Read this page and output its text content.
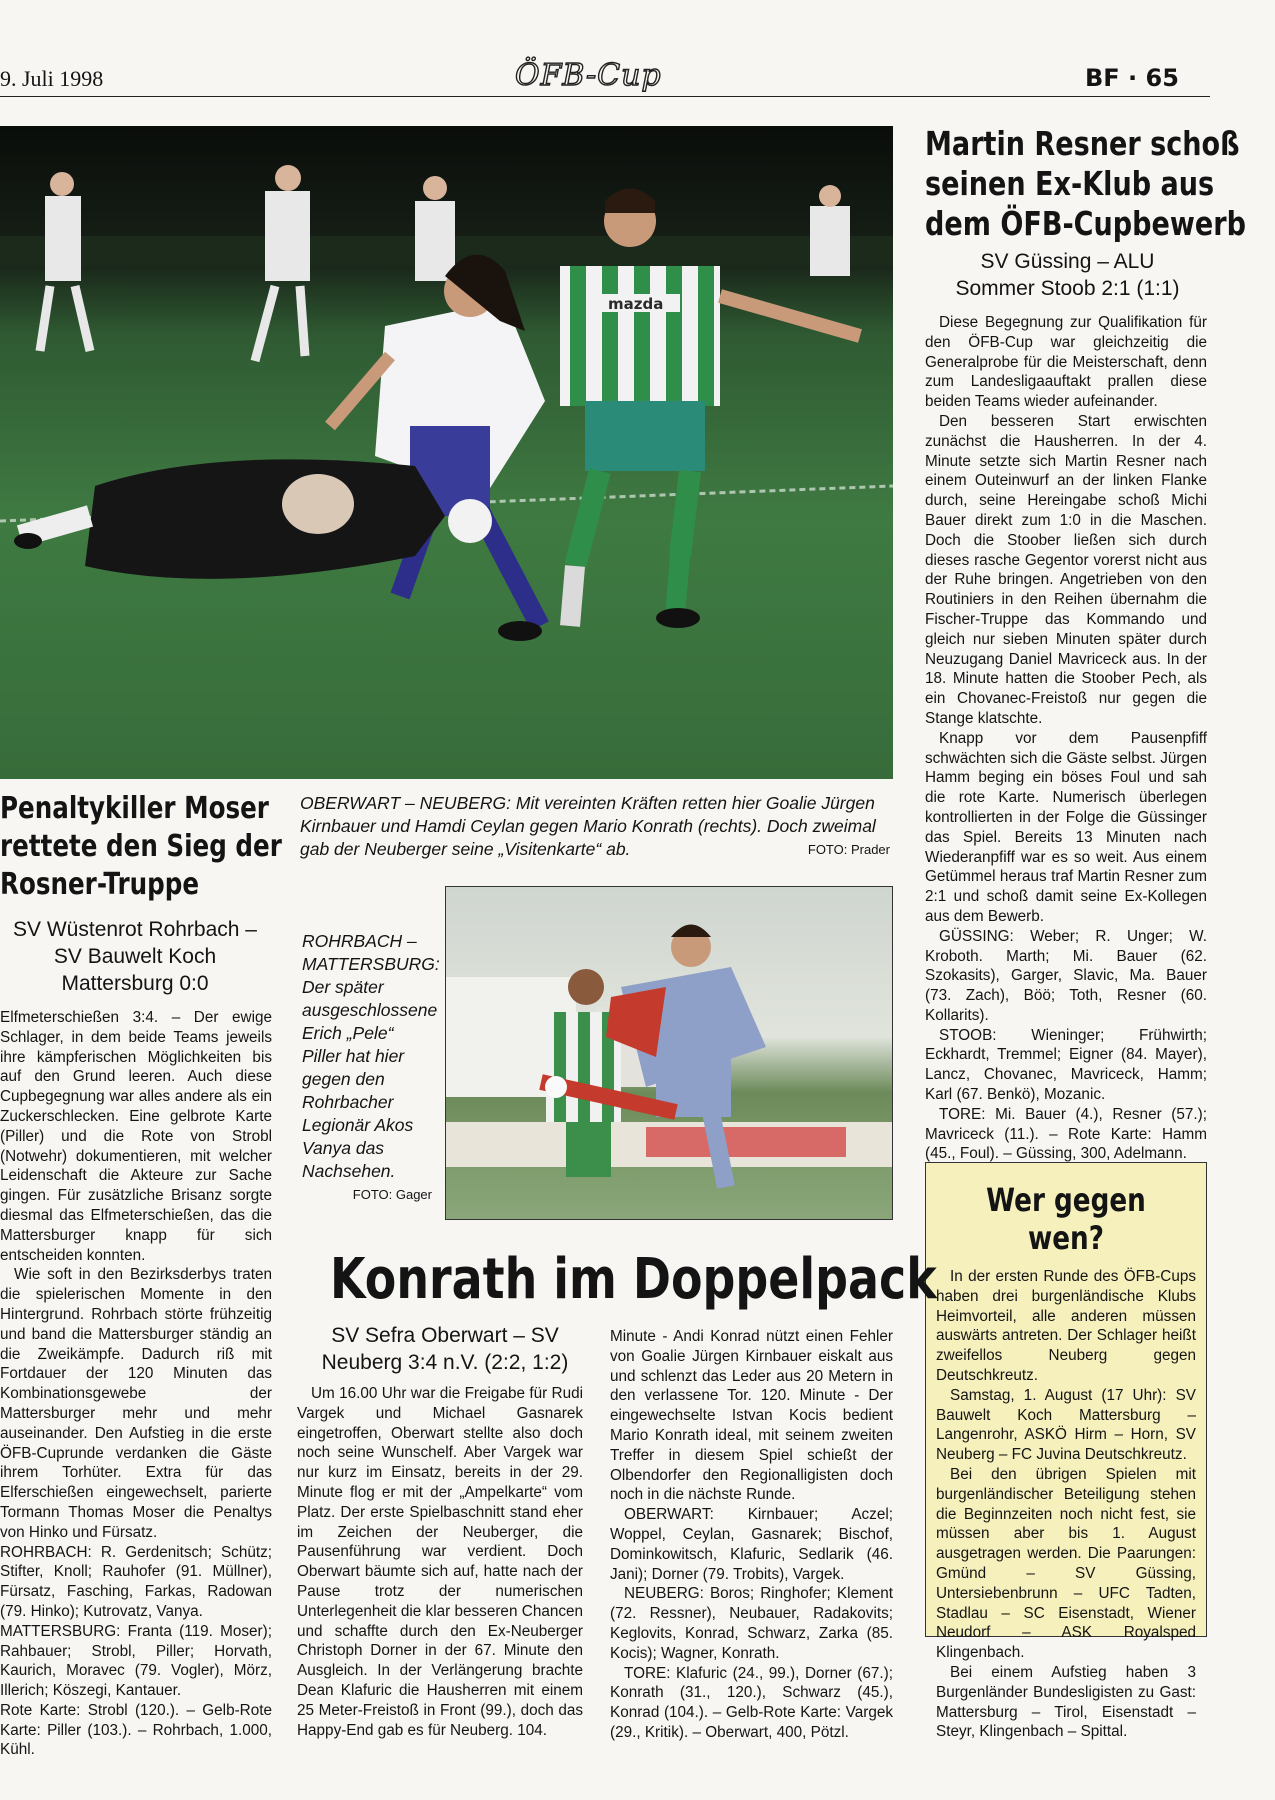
9. Juli 1998	ÖFB-Cup	BF · 65
mazda
Martin Resner schoß
seinen Ex-Klub aus
dem ÖFB-Cupbewerb
SV Güssing – ALU
Sommer Stoob 2:1 (1:1)

Diese Begegnung zur Qualifikation für den ÖFB-Cup war gleichzeitig die Generalprobe für die Meisterschaft, denn zum Landesligaauftakt prallen diese beiden Teams wieder aufeinander.

Den besseren Start erwischten zunächst die Hausherren. In der 4. Minute setzte sich Martin Resner nach einem Outeinwurf an der linken Flanke durch, seine Hereingabe schoß Michi Bauer direkt zum 1:0 in die Maschen. Doch die Stoober ließen sich durch dieses rasche Gegentor vorerst nicht aus der Ruhe bringen. Angetrieben von den Routiniers in den Reihen übernahm die Fischer-Truppe das Kommando und gleich nur sieben Minuten später durch Neuzugang Daniel Mavriceck aus. In der 18. Minute hatten die Stoober Pech, als ein Chovanec-Freistoß nur gegen die Stange klatschte.

Knapp vor dem Pausenpfiff schwächten sich die Gäste selbst. Jürgen Hamm beging ein böses Foul und sah die rote Karte. Numerisch überlegen kontrollierten in der Folge die Güssinger das Spiel. Bereits 13 Minuten nach Wiederanpfiff war es so weit. Aus einem Getümmel heraus traf Martin Resner zum 2:1 und schoß damit seine Ex-Kollegen aus dem Bewerb.

GÜSSING: Weber; R. Unger; W. Kroboth. Marth; Mi. Bauer (62. Szokasits), Garger, Slavic, Ma. Bauer (73. Zach), Böö; Toth, Resner (60. Kollarits).

STOOB: Wieninger; Frühwirth; Eckhardt, Tremmel; Eigner (84. Mayer), Lancz, Chovanec, Mavriceck, Hamm; Karl (67. Benkö), Mozanic.

TORE: Mi. Bauer (4.), Resner (57.); Mavriceck (11.). – Rote Karte: Hamm (45., Foul). – Güssing, 300, Adelmann.

Wer gegen wen?

In der ersten Runde des ÖFB-Cups haben drei burgenländische Klubs Heimvorteil, alle anderen müssen auswärts antreten. Der Schlager heißt zweifellos Neuberg gegen Deutschkreutz.

Samstag, 1. August (17 Uhr): SV Bauwelt Koch Mattersburg – Langenrohr, ASKÖ Hirm – Horn, SV Neuberg – FC Juvina Deutschkreutz.

Bei den übrigen Spielen mit burgenländischer Beteiligung stehen die Beginnzeiten noch nicht fest, sie müssen aber bis 1. August ausgetragen werden. Die Paarungen: Gmünd – SV Güssing, Untersiebenbrunn – UFC Tadten, Stadlau – SC Eisenstadt, Wiener Neudorf – ASK Royalsped Klingenbach.

Bei einem Aufstieg haben 3 Burgenländer Bundesligisten zu Gast: Mattersburg – Tirol, Eisenstadt – Steyr, Klingenbach – Spittal.

OBERWART – NEUBERG: Mit vereinten Kräften retten hier Goalie Jürgen Kirnbauer und Hamdi Ceylan gegen Mario Konrath (rechts). Doch zweimal gab der Neuberger seine „Visitenkarte“ ab.	FOTO: Prader
Penaltykiller Moser
rettete den Sieg der
Rosner-Truppe
SV Wüstenrot Rohrbach –
SV Bauwelt Koch
Mattersburg 0:0

Elfmeterschießen 3:4. – Der ewige Schlager, in dem beide Teams jeweils ihre kämpferischen Möglichkeiten bis auf den Grund leeren. Auch diese Cupbegegnung war alles andere als ein Zuckerschlecken. Eine gelbrote Karte (Piller) und die Rote von Strobl (Notwehr) dokumentieren, mit welcher Leidenschaft die Akteure zur Sache gingen. Für zusätzliche Brisanz sorgte diesmal das Elfmeterschießen, das die Mattersburger knapp für sich entscheiden konnten.

Wie soft in den Bezirksderbys traten die spielerischen Momente in den Hintergrund. Rohrbach störte frühzeitig und band die Mattersburger ständig an die Zweikämpfe. Dadurch riß mit Fortdauer der 120 Minuten das Kombinationsgewebe der Mattersburger mehr und mehr auseinander. Den Aufstieg in die erste ÖFB-Cuprunde verdanken die Gäste ihrem Torhüter. Extra für das Elferschießen eingewechselt, parierte Tormann Thomas Moser die Penaltys von Hinko und Fürsatz.

ROHRBACH: R. Gerdenitsch; Schütz; Stifter, Knoll; Rauhofer (91. Müllner), Fürsatz, Fasching, Farkas, Radowan (79. Hinko); Kutrovatz, Vanya.

MATTERSBURG: Franta (119. Moser); Rahbauer; Strobl, Piller; Horvath, Kaurich, Moravec (79. Vogler), Mörz, Illerich; Köszegi, Kantauer.

Rote Karte: Strobl (120.). – Gelb-Rote Karte: Piller (103.). – Rohrbach, 1.000, Kühl.

ROHRBACH – MATTERSBURG: Der später ausgeschlossene Erich „Pele“ Piller hat hier gegen den Rohrbacher Legionär Akos Vanya das Nachsehen.
FOTO: Gager
Konrath im Doppelpack
SV Sefra Oberwart – SV
Neuberg 3:4 n.V. (2:2, 1:2)

Um 16.00 Uhr war die Freigabe für Rudi Vargek und Michael Gasnarek eingetroffen, Oberwart stellte also doch noch seine Wunschelf. Aber Vargek war nur kurz im Einsatz, bereits in der 29. Minute flog er mit der „Ampelkarte“ vom Platz. Der erste Spielbaschnitt stand eher im Zeichen der Neuberger, die Pausenführung war verdient. Doch Oberwart bäumte sich auf, hatte nach der Pause trotz der numerischen Unterlegenheit die klar besseren Chancen und schaffte durch den Ex-Neuberger Christoph Dorner in der 67. Minute den Ausgleich. In der Verlängerung brachte Dean Klafuric die Hausherren mit einem 25 Meter-Freistoß in Front (99.), doch das Happy-End gab es für Neuberg. 104.

Minute - Andi Konrad nützt einen Fehler von Goalie Jürgen Kirnbauer eiskalt aus und schlenzt das Leder aus 20 Metern in den verlassene Tor. 120. Minute - Der eingewechselte Istvan Kocis bedient Mario Konrath ideal, mit seinem zweiten Treffer in diesem Spiel schießt der Olbendorfer den Regionalligisten doch noch in die nächste Runde.

OBERWART: Kirnbauer; Aczel; Woppel, Ceylan, Gasnarek; Bischof, Dominkowitsch, Klafuric, Sedlarik (46. Jani); Dorner (79. Trobits), Vargek.

NEUBERG: Boros; Ringhofer; Klement (72. Ressner), Neubauer, Radakovits; Keglovits, Konrad, Schwarz, Zarka (85. Kocis); Wagner, Konrath.

TORE: Klafuric (24., 99.), Dorner (67.); Konrath (31., 120.), Schwarz (45.), Konrad (104.). – Gelb-Rote Karte: Vargek (29., Kritik). – Oberwart, 400, Pötzl.
